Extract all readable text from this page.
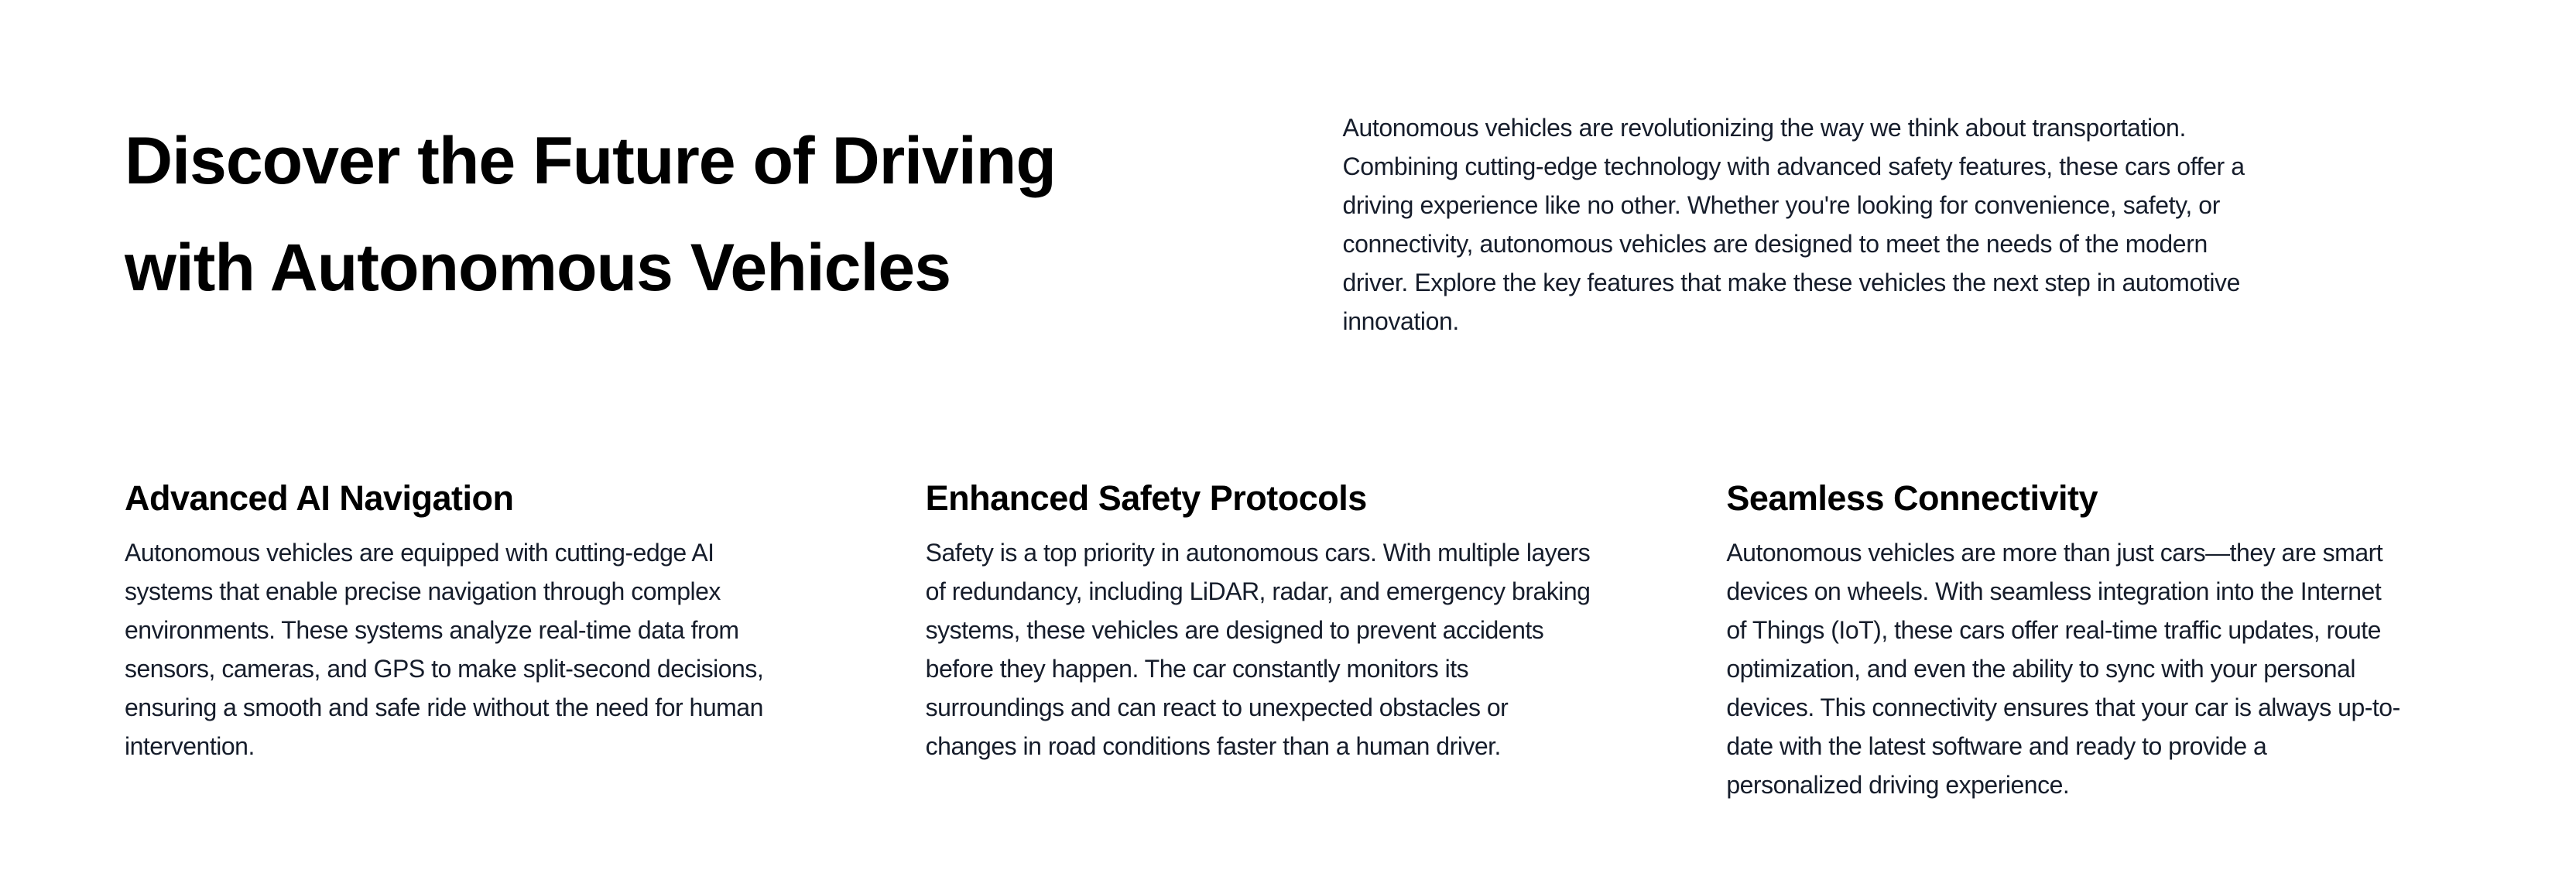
Discover the Future of Driving
with Autonomous Vehicles

Autonomous vehicles are revolutionizing the way we think about transportation.
Combining cutting-edge technology with advanced safety features, these cars offer a
driving experience like no other. Whether you're looking for convenience, safety, or
connectivity, autonomous vehicles are designed to meet the needs of the modern
driver. Explore the key features that make these vehicles the next step in automotive
innovation.

Advanced AI Navigation

Autonomous vehicles are equipped with cutting-edge AI
systems that enable precise navigation through complex
environments. These systems analyze real-time data from
sensors, cameras, and GPS to make split-second decisions,
ensuring a smooth and safe ride without the need for human
intervention.

Enhanced Safety Protocols

Safety is a top priority in autonomous cars. With multiple layers
of redundancy, including LiDAR, radar, and emergency braking
systems, these vehicles are designed to prevent accidents
before they happen. The car constantly monitors its
surroundings and can react to unexpected obstacles or
changes in road conditions faster than a human driver.

Seamless Connectivity

Autonomous vehicles are more than just cars—they are smart
devices on wheels. With seamless integration into the Internet
of Things (IoT), these cars offer real-time traffic updates, route
optimization, and even the ability to sync with your personal
devices. This connectivity ensures that your car is always up-to-
date with the latest software and ready to provide a
personalized driving experience.
